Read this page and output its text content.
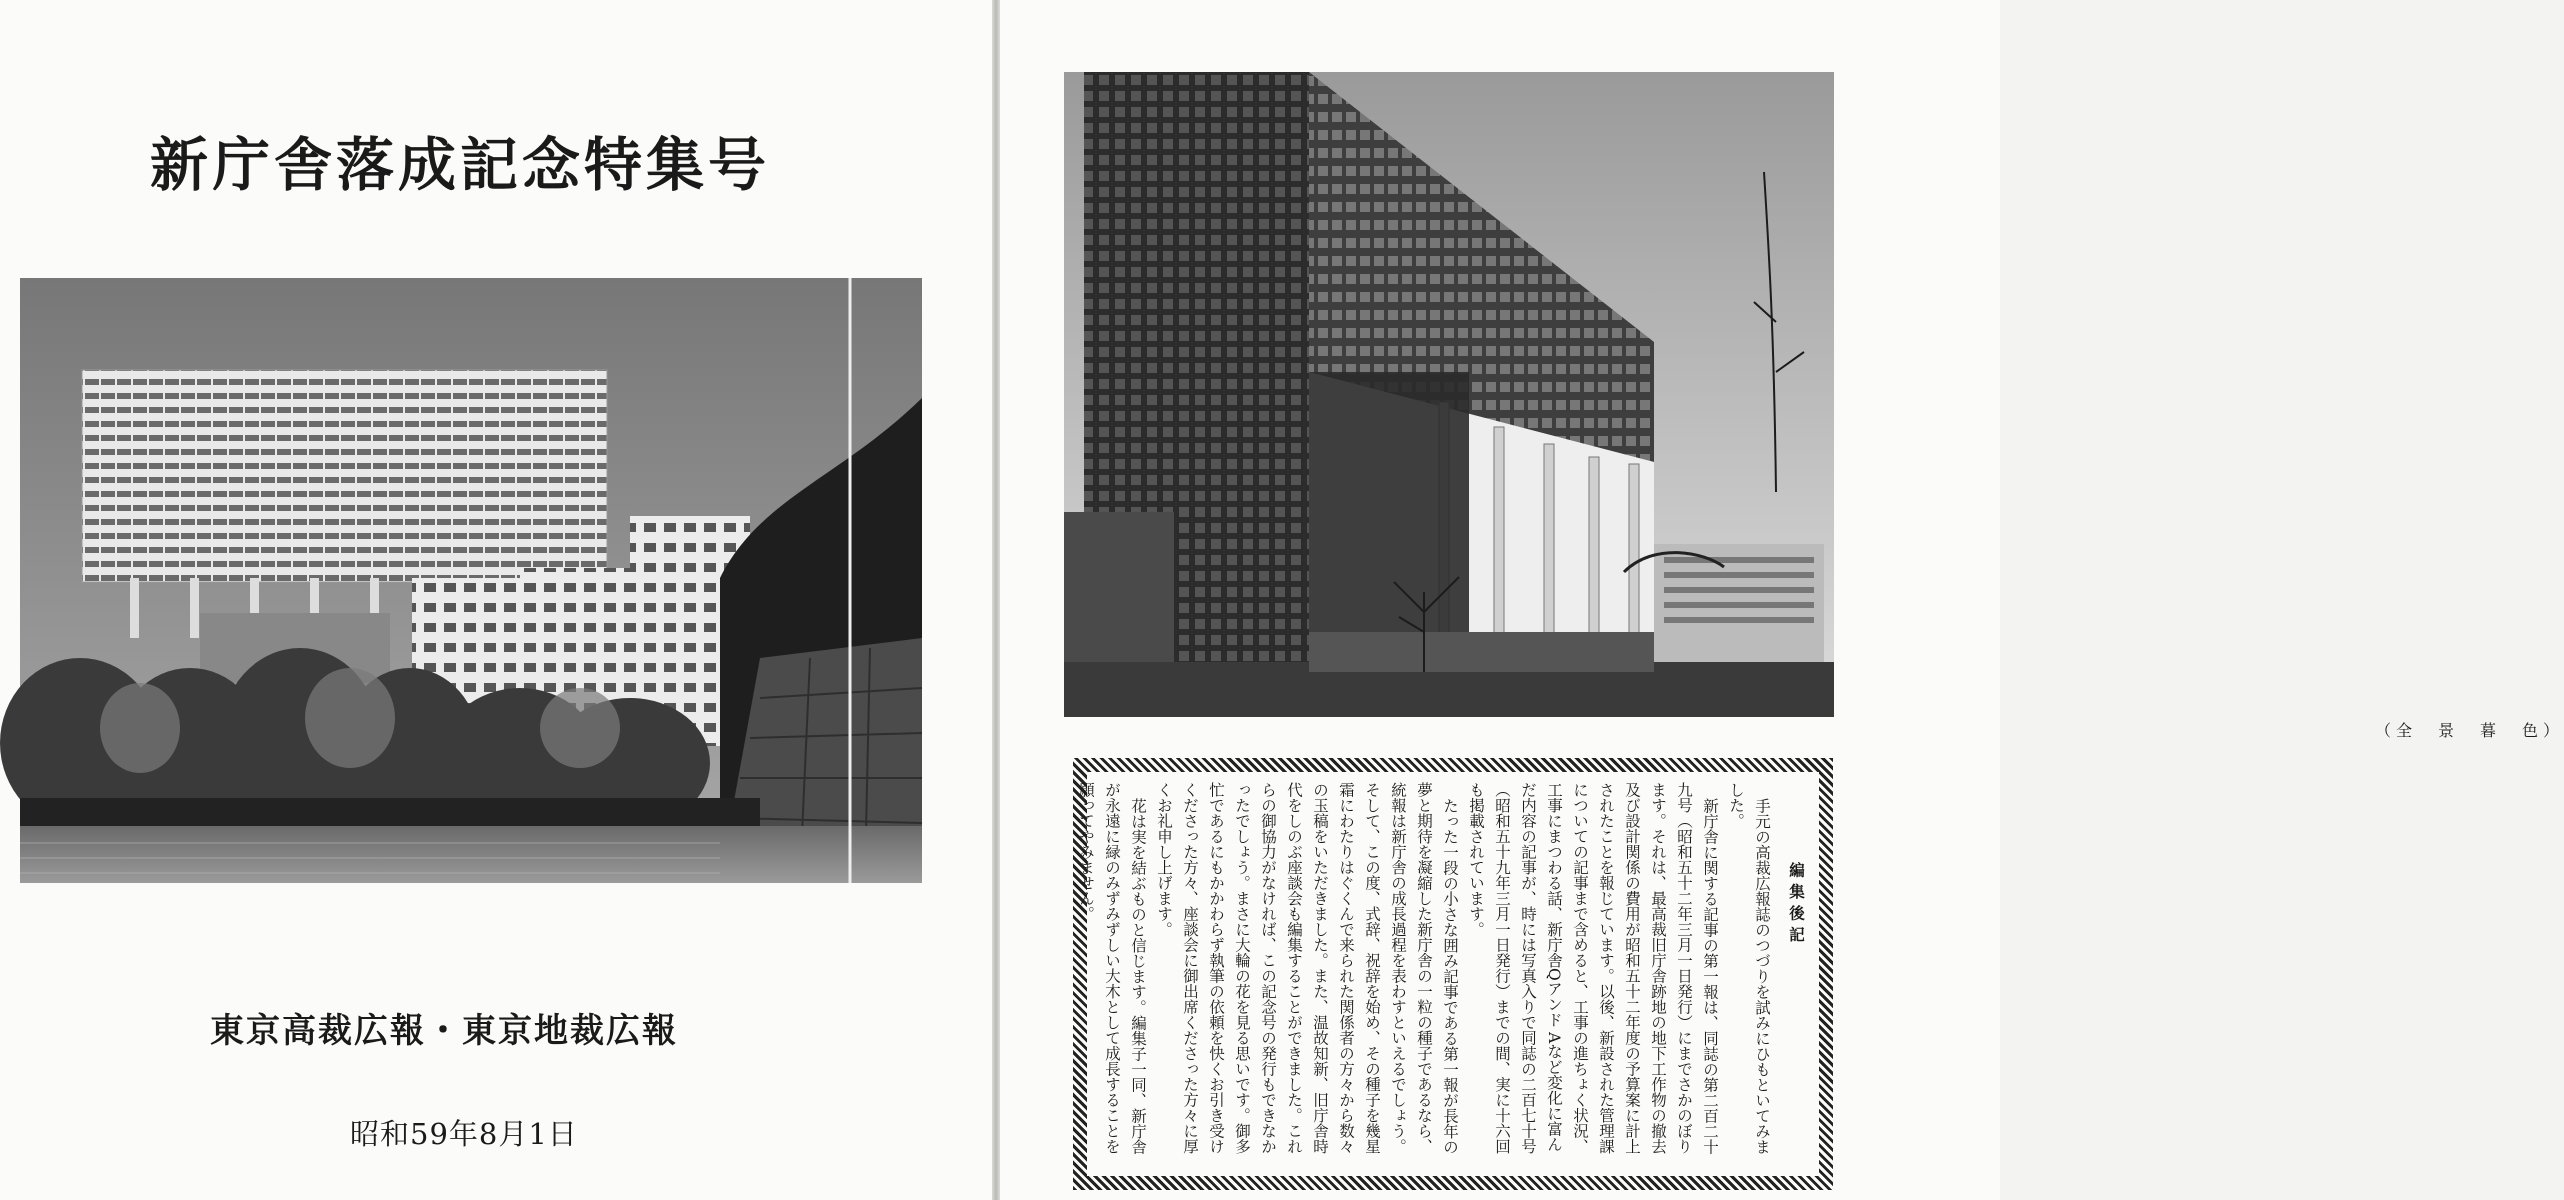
新庁舎落成記念特集号

東京高裁広報・東京地裁広報

昭和59年8月1日

（全　景　暮　色）

編集後記

手元の高裁広報誌のつづりを試みにひもといてみました。

新庁舎に関する記事の第一報は、同誌の第二百二十九号（昭和五十二年三月一日発行）にまでさかのぼります。それは、最高裁旧庁舎跡地の地下工作物の撤去及び設計関係の費用が昭和五十二年度の予算案に計上されたことを報じています。以後、新設された管理課についての記事まで含めると、工事の進ちょく状況、工事にまつわる話、新庁舎Qアンド Aなど変化に富んだ内容の記事が、時には写真入りで同誌の二百七十号（昭和五十九年三月一日発行）までの間、実に十六回も掲載されています。

たった一段の小さな囲み記事である第一報が長年の夢と期待を凝縮した新庁舎の一粒の種子であるなら、統報は新庁舎の成長過程を表わすといえるでしょう。そして、この度、式辞、祝辞を始め、その種子を幾星霜にわたりはぐくんで来られた関係者の方々から数々の玉稿をいただきました。また、温故知新、旧庁舎時代をしのぶ座談会も編集することができました。これらの御協力がなければ、この記念号の発行もできなかったでしょう。まさに大輪の花を見る思いです。御多忙であるにもかかわらず執筆の依頼を快くお引き受けくださった方々、座談会に御出席くださった方々に厚くお礼申し上げます。

花は実を結ぶものと信じます。編集子一同、新庁舎が永遠に緑のみずみずしい大木として成長することを願ってやみません。
